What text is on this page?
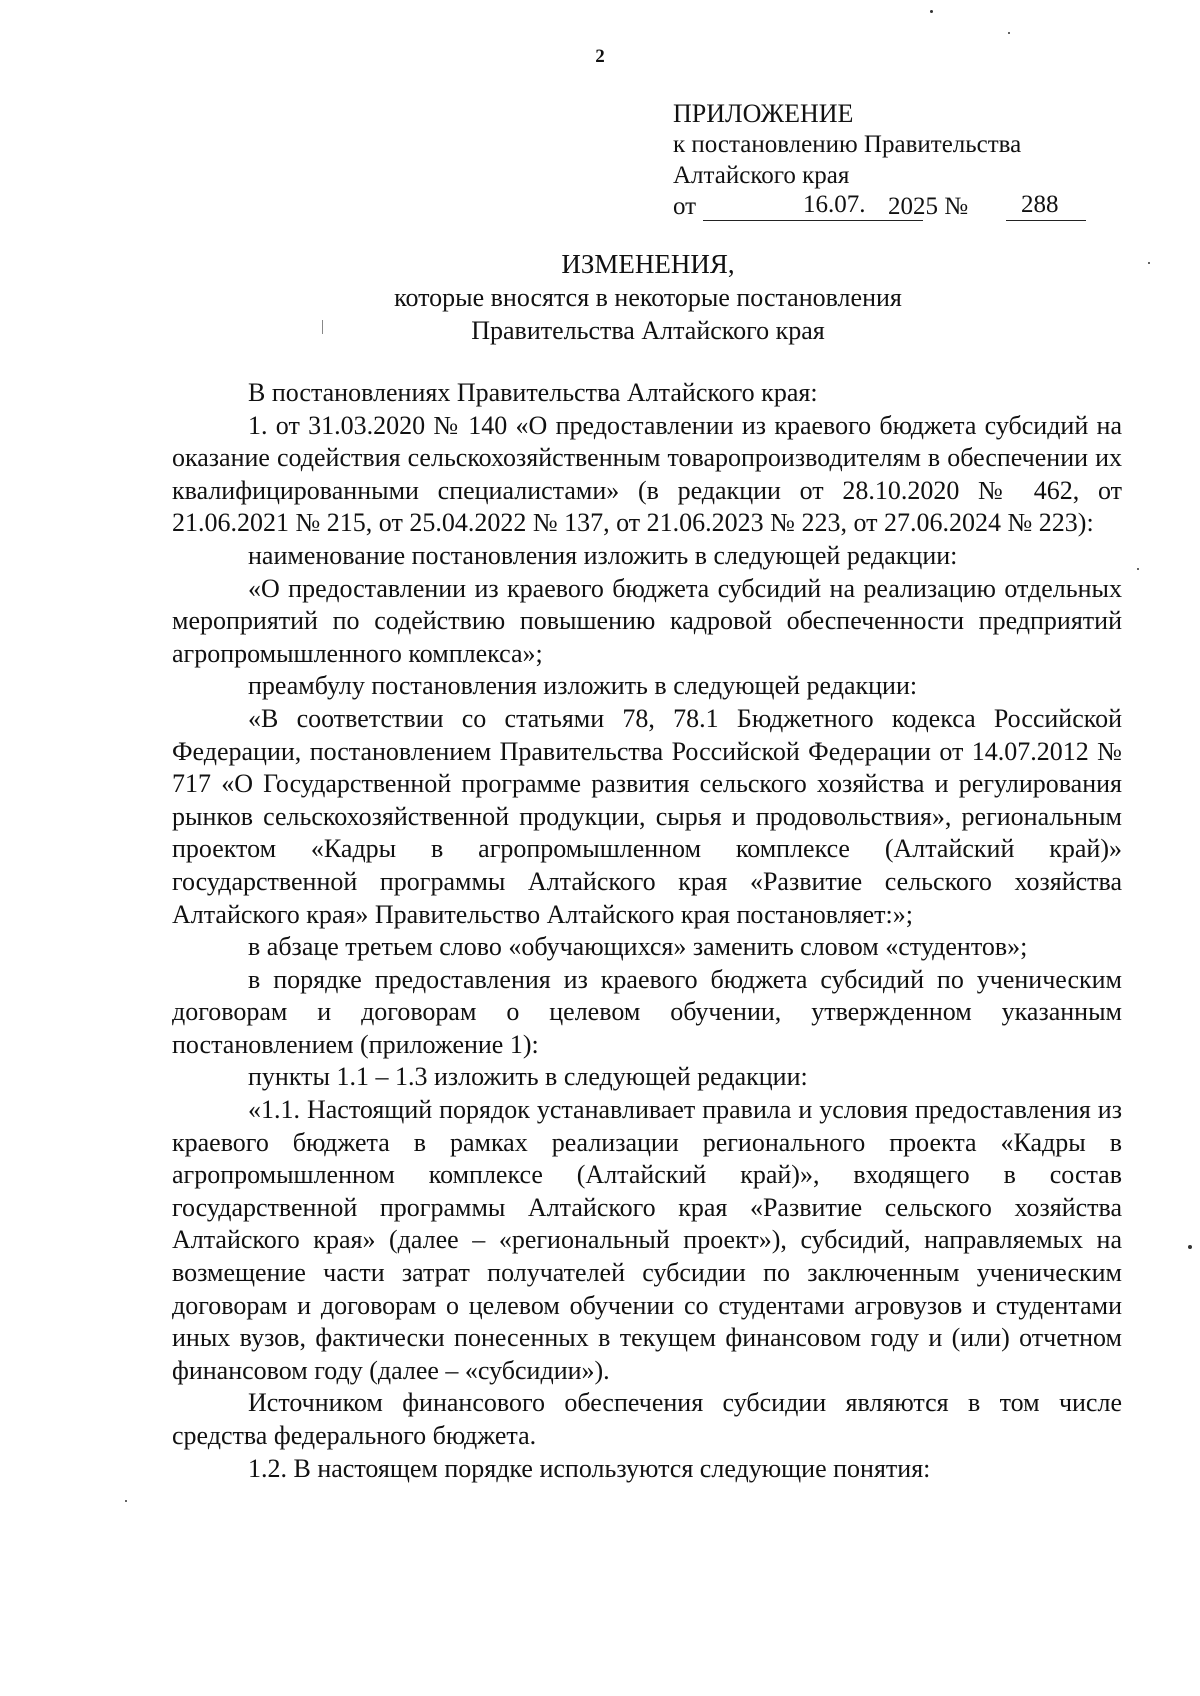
2
ПРИЛОЖЕНИЕ
к постановлению Правительства
Алтайского края
от	16.07. 2025 № 288
ИЗМЕНЕНИЯ,
которые вносятся в некоторые постановления
Правительства Алтайского края

В постановлениях Правительства Алтайского края:

1. от 31.03.2020 № 140 «О предоставлении из краевого бюджета субсидий на оказание содействия сельскохозяйственным товаропроизводителям в обеспечении их квалифицированными специалистами» (в редакции от 28.10.2020 № 462, от 21.06.2021 № 215, от 25.04.2022 № 137, от 21.06.2023 № 223, от 27.06.2024 № 223):

наименование постановления изложить в следующей редакции:

«О предоставлении из краевого бюджета субсидий на реализацию отдельных мероприятий по содействию повышению кадровой обеспеченности предприятий агропромышленного комплекса»;

преамбулу постановления изложить в следующей редакции:

«В соответствии со статьями 78, 78.1 Бюджетного кодекса Российской Федерации, постановлением Правительства Российской Федерации от 14.07.2012 № 717 «О Государственной программе развития сельского хозяйства и регулирования рынков сельскохозяйственной продукции, сырья и продовольствия», региональным проектом «Кадры в агропромышленном комплексе (Алтайский край)» государственной программы Алтайского края «Развитие сельского хозяйства Алтайского края» Правительство Алтайского края постановляет:»;

в абзаце третьем слово «обучающихся» заменить словом «студентов»;

в порядке предоставления из краевого бюджета субсидий по ученическим договорам и договорам о целевом обучении, утвержденном указанным постановлением (приложение 1):

пункты 1.1 – 1.3 изложить в следующей редакции:

«1.1. Настоящий порядок устанавливает правила и условия предоставления из краевого бюджета в рамках реализации регионального проекта «Кадры в агропромышленном комплексе (Алтайский край)», входящего в состав государственной программы Алтайского края «Развитие сельского хозяйства Алтайского края» (далее – «региональный проект»), субсидий, направляемых на возмещение части затрат получателей субсидии по заключенным ученическим договорам и договорам о целевом обучении со студентами агровузов и студентами иных вузов, фактически понесенных в текущем финансовом году и (или) отчетном финансовом году (далее – «субсидии»).

Источником финансового обеспечения субсидии являются в том числе средства федерального бюджета.

1.2. В настоящем порядке используются следующие понятия:
